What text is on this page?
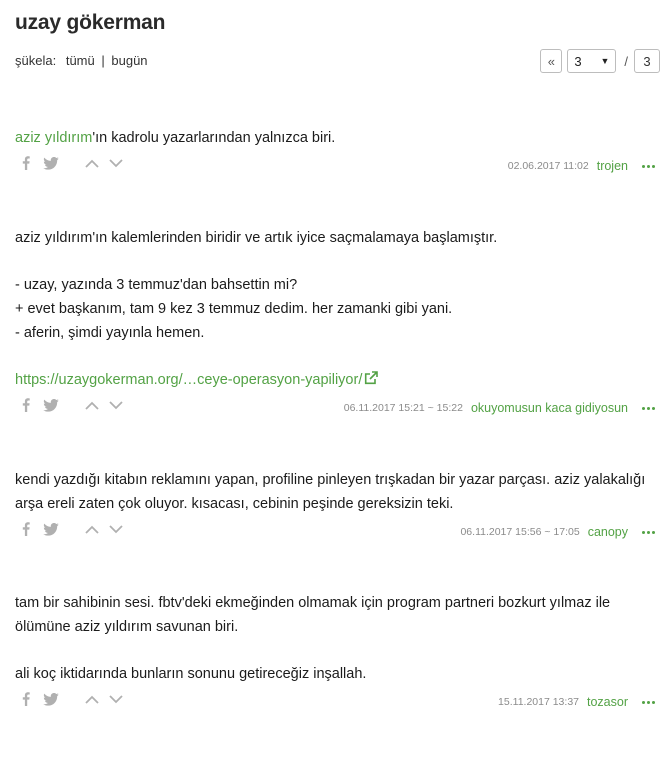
uzay gökerman
şükela: tümü | bugün	«	3 ▼ /	3

aziz yıldırım'ın kadrolu yazarlarından yalnızca biri.

02.06.2017 11:02 trojen

aziz yıldırım'ın kalemlerinden biridir ve artık iyice saçmalamaya başlamıştır.

- uzay, yazında 3 temmuz'dan bahsettin mi?

+ evet başkanım, tam 9 kez 3 temmuz dedim. her zamanki gibi yani.

- aferin, şimdi yayınla hemen.

https://uzaygokerman.org/…ceye-operasyon-yapiliyor/

06.11.2017 15:21 ~ 15:22 okuyomusun kaca gidiyosun

kendi yazdığı kitabın reklamını yapan, profiline pinleyen trışkadan bir yazar parçası. aziz yalakalığı arşa ereli zaten çok oluyor. kısacası, cebinin peşinde gereksizin teki.

06.11.2017 15:56 ~ 17:05 canopy

tam bir sahibinin sesi. fbtv'deki ekmeğinden olmamak için program partneri bozkurt yılmaz ile ölümüne aziz yıldırım savunan biri.

ali koç iktidarında bunların sonunu getireceğiz inşallah.

15.11.2017 13:37 tozasor
